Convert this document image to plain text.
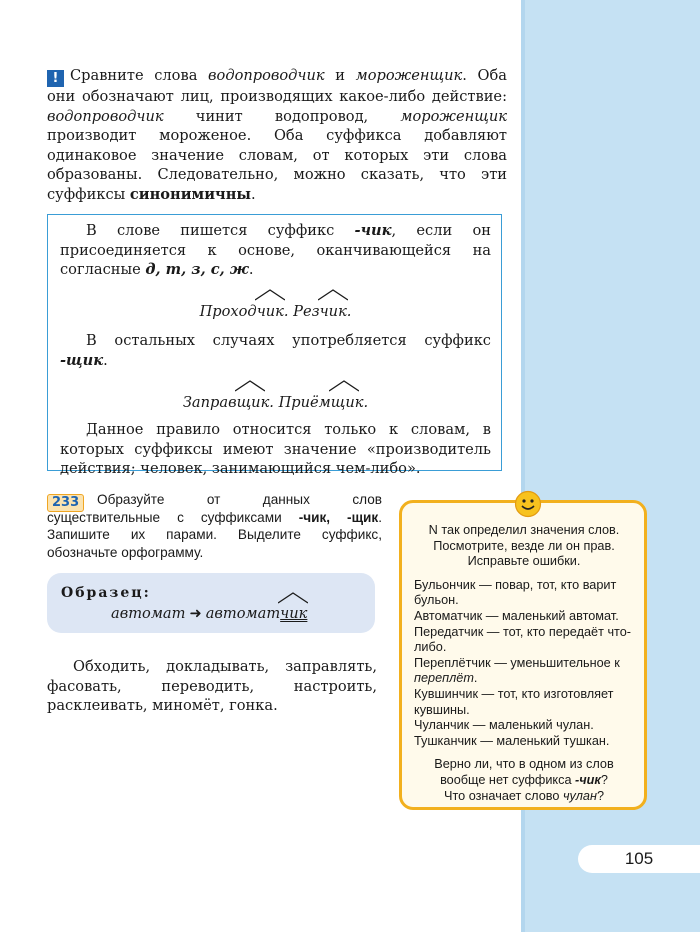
! Сравните слова водопроводчик и мороженщик. Оба они обозначают лиц, производящих какое-либо действие: водопроводчик чинит водопровод, мороженщик производит мороженое. Оба суффикса добавляют одинаковое значение словам, от которых эти слова образованы. Следовательно, можно сказать, что эти суффиксы синонимичны.

В слове пишется суффикс -чик, если он присоединяется к основе, оканчивающейся на согласные д, т, з, с, ж.

Проход
чик. Рез
чик.

В остальных случаях употребляется суффикс -щик.

Заправ
щик. Приём
щик.

Данное правило относится только к словам, в которых суффиксы имеют значение «производитель действия; человек, занимающийся чем-либо».

233	Образуйте от данных слов существительные с суффиксами -чик, -щик. Запишите их парами. Выделите суффикс, обозначьте орфограмму.
Образец:
автомат ➜ автомат
чик
Обходить, докладывать, заправлять, фасовать, переводить, настроить, расклеивать, миномёт, гонка.

N так определил значения слов. Посмотрите, везде ли он прав. Исправьте ошибки.

Бульончик — повар, тот, кто варит бульон.

Автоматчик — маленький автомат.

Передатчик — тот, кто передаёт что-либо.

Переплётчик — уменьшительное к переплёт.

Кувшинчик — тот, кто изготовляет кувшины.

Чуланчик — маленький чулан.

Тушканчик — маленький тушкан.

Верно ли, что в одном из слов вообще нет суффикса -чик?

Что означает слово чулан?

105
